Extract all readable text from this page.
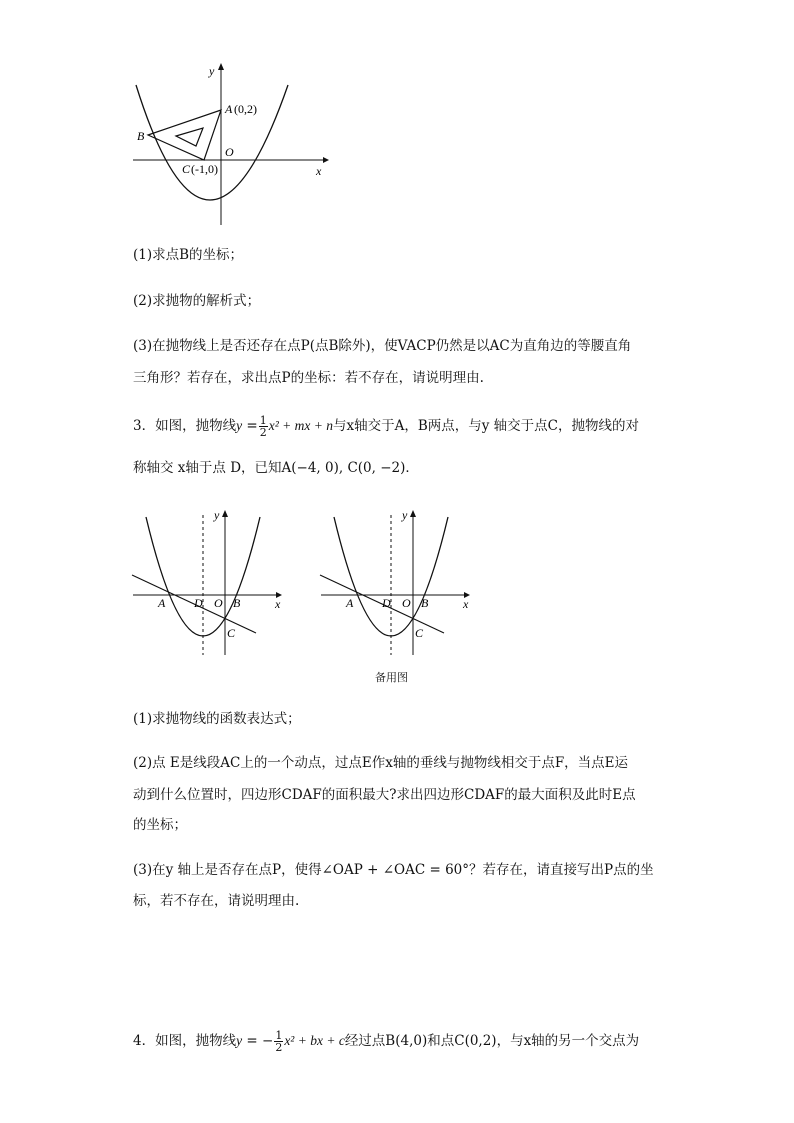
y
A (0,2)
B
O
C (-1,0)	x
(1)求点B的坐标；
(2)求抛物的解析式；
(3)在抛物线上是否还存在点P(点B除外)，使VACP仍然是以AC为直角边的等腰直角
三角形？若存在，求出点P的坐标：若不存在，请说明理由.
3．如图，抛物线$y = \frac{1}{2} x^2$ + mx + n与x轴交于A，B两点，与y 轴交于点C，抛物线的对
称轴交 x轴于点 D，已知A(−4, 0), C(0, −2)．
y
A D O B
C
x
y
A D O B
C
x
备用图
(1)求抛物线的函数表达式；
(2)点 E是线段AC上的一个动点，过点E作x轴的垂线与抛物线相交于点F，当点E运
动到什么位置时，四边形CDAF的面积最大?求出四边形CDAF的最大面积及此时E点
的坐标；
(3)在y 轴上是否存在点P，使得∠OAP + ∠OAC = 60°？若存在，请直接写出P点的坐
标，若不存在，请说明理由.
4．如图，抛物线y = − $\frac{1}{2} x^2$ + bx + c经过点B(4,0)和点C(0,2)，与x轴的另一个交点为
